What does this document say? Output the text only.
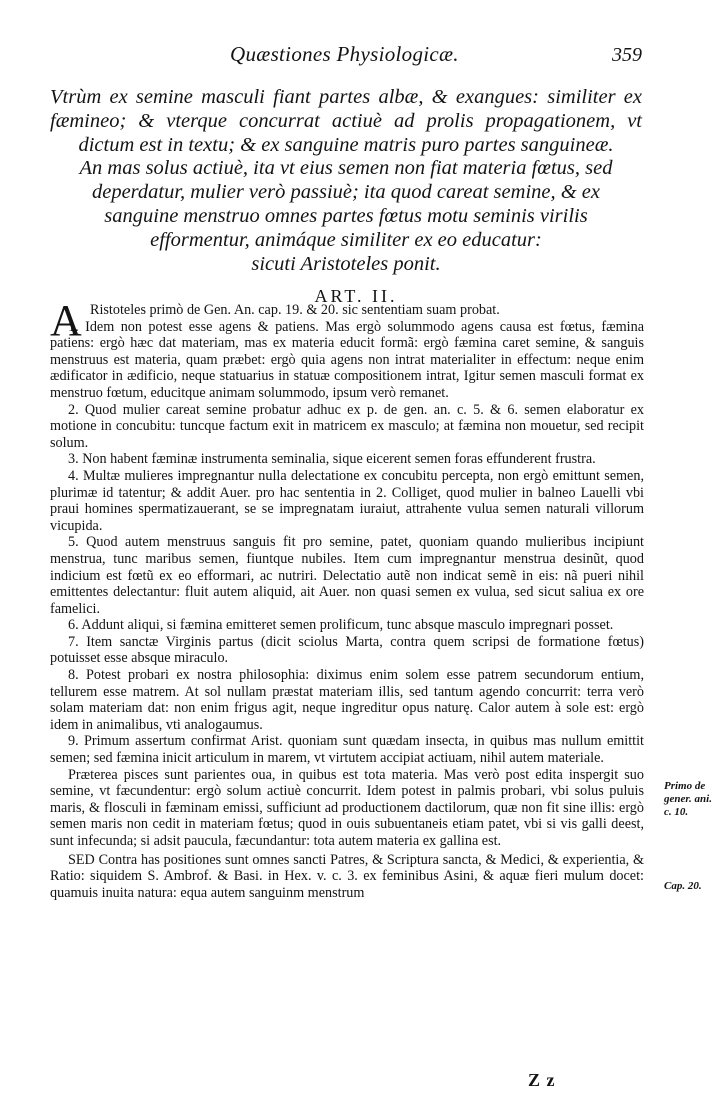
Quæstiones Physiologicæ.	359
Vtrùm ex semine masculi fiant partes albæ, & exangues: similiter ex
fæmineo; & vterque concurrat actiuè ad prolis propagationem, vt
dictum est in textu; & ex sanguine matris puro partes sanguineæ.
An mas solus actiuè, ita vt eius semen non fiat materia fœtus, sed
deperdatur, mulier verò passiuè; ita quod careat semine, & ex
sanguine menstruo omnes partes fœtus motu seminis virilis
efformentur, animáque similiter ex eo educatur:
sicuti Aristoteles ponit.
ART. II.

A Ristoteles primò de Gen. An. cap. 19. & 20. sic sententiam suam probat.

1. Idem non potest esse agens & patiens. Mas ergò solummodo agens causa est fœtus, fæmina patiens: ergò hæc dat materiam, mas ex materia educit formã: ergò fæmina caret semine, & sanguis menstruus est materia, quam præbet: ergò quia agens non intrat materialiter in effectum: neque enim ædificator in ædificio, neque statuarius in statuæ compositionem intrat, Igitur semen masculi format ex menstruo fœtum, educitque animam solummodo, ipsum verò remanet.

2. Quod mulier careat semine probatur adhuc ex p. de gen. an. c. 5. & 6. semen elaboratur ex motione in concubitu: tuncque factum exit in matricem ex masculo; at fæmina non mouetur, sed recipit solum.

3. Non habent fæminæ instrumenta seminalia, sique eicerent semen foras effunderent frustra.

4. Multæ mulieres impregnantur nulla delectatione ex concubitu percepta, non ergò emittunt semen, plurimæ id tatentur; & addit Auer. pro hac sententia in 2. Colliget, quod mulier in balneo Lauelli vbi praui homines spermatizauerant, se se impregnatam iuraiut, attrahente vulua semen naturali villorum vicupida.

5. Quod autem menstruus sanguis fit pro semine, patet, quoniam quando mulieribus incipiunt menstrua, tunc maribus semen, fiuntque nubiles. Item cum impregnantur menstrua desinũt, quod indicium est fœtũ ex eo efformari, ac nutriri. Delectatio autẽ non indicat semẽ in eis: nã pueri nihil emittentes delectantur: fluit autem aliquid, ait Auer. non quasi semen ex vulua, sed sicut saliua ex ore famelici.

6. Addunt aliqui, si fæmina emitteret semen prolificum, tunc absque masculo impregnari posset.

7. Item sanctæ Virginis partus (dicit sciolus Marta, contra quem scripsi de formatione fœtus) potuisset esse absque miraculo.

8. Potest probari ex nostra philosophia: diximus enim solem esse patrem secundorum entium, tellurem esse matrem. At sol nullam præstat materiam illis, sed tantum agendo concurrit: terra verò solam materiam dat: non enim frigus agit, neque ingreditur opus naturę. Calor autem à sole est: ergò idem in animalibus, vti analogaumus.

9. Primum assertum confirmat Arist. quoniam sunt quædam insecta, in quibus mas nullum emittit semen; sed fæmina inicit articulum in marem, vt virtutem accipiat actiuam, nihil autem materiale.

Præterea pisces sunt parientes oua, in quibus est tota materia. Mas verò post edita inspergit suo semine, vt fæcundentur: ergò solum actiuè concurrit. Idem potest in palmis probari, vbi solus puluis maris, & flosculi in fæminam emissi, sufficiunt ad productionem dactilorum, quæ non fit sine illis: ergò semen maris non cedit in materiam fœtus; quod in ouis subuentaneis etiam patet, vbi si vis galli deest, sunt infecunda; si adsit paucula, fæcundantur: tota autem materia ex gallina est.

SED Contra has positiones sunt omnes sancti Patres, & Scriptura sancta, & Medici, & experientia, & Ratio: siquidem S. Ambrof. & Basi. in Hex. v. c. 3. ex feminibus Asini, & aquæ fieri mulum docet: quamuis inuita natura: equa autem sanguinm menstrum

Primo de
gener. ani.
c. 10.
Cap. 20.
Z z
